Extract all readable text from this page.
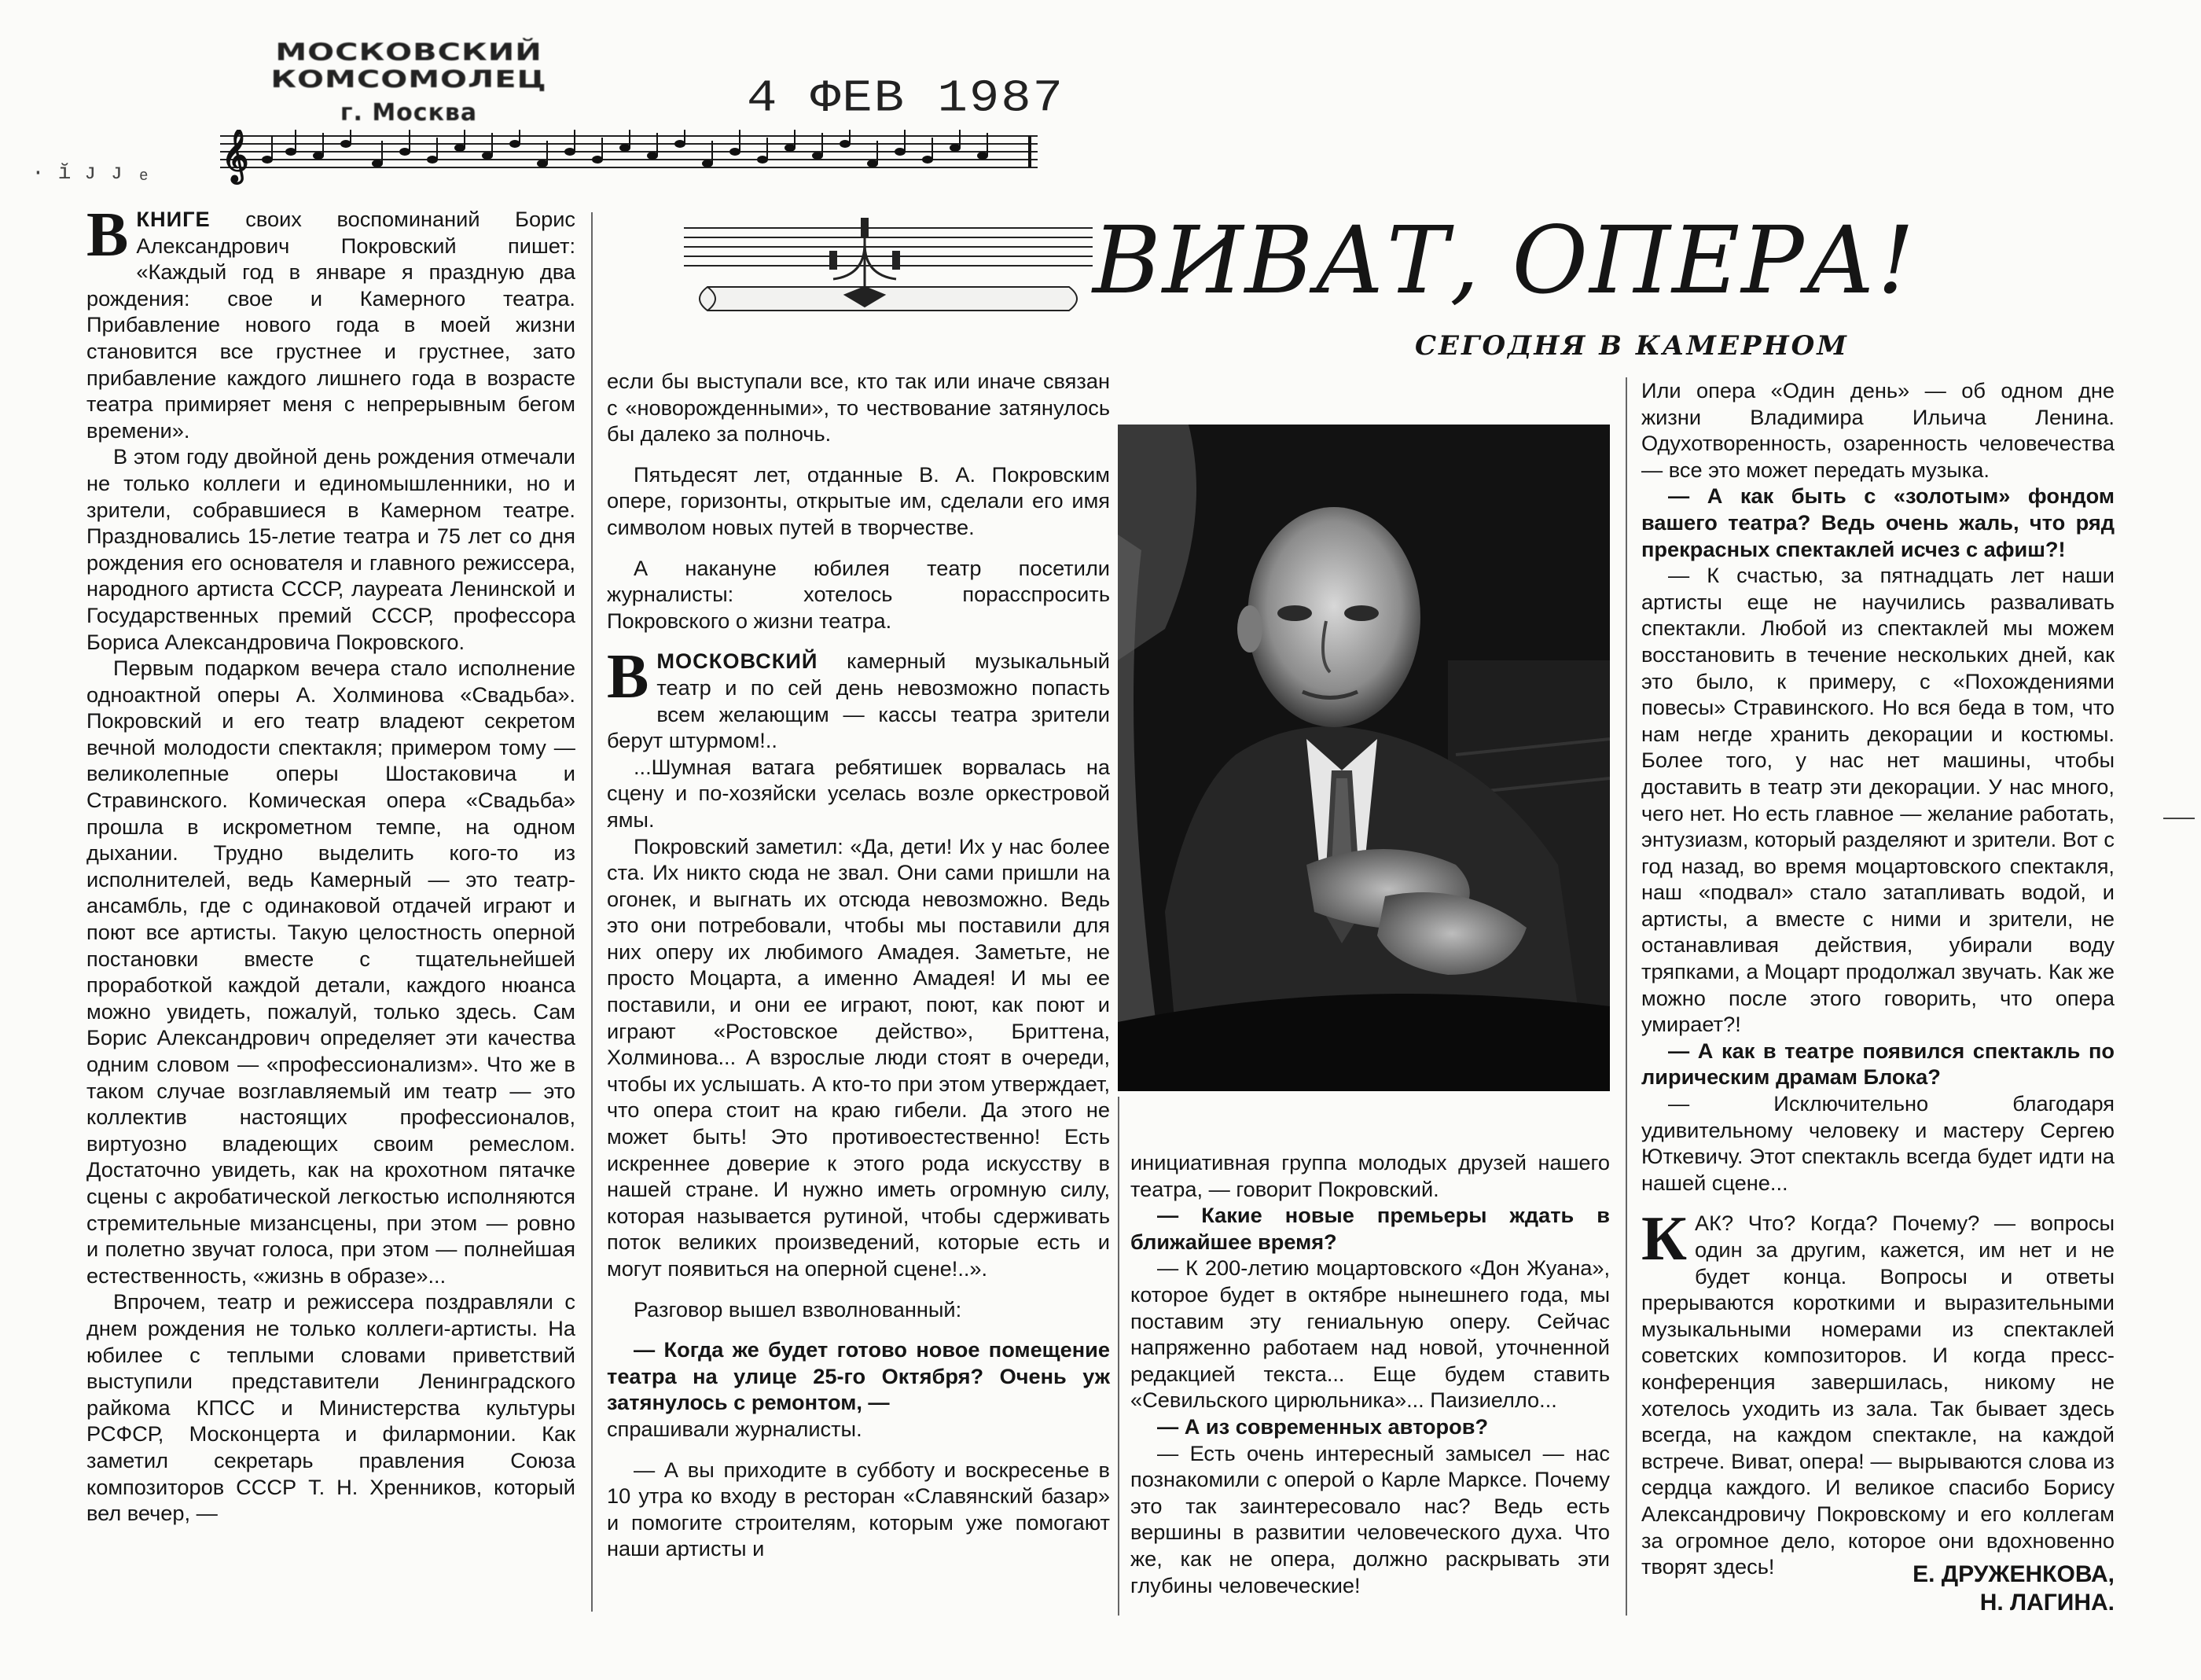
МОСКОВСКИЙ КОМСОМОЛЕЦ
г. Москва	4 ФЕВ 1987
· ĭ ᴊ ᴊ ₑ 𝄞

ВКНИГЕ своих воспоминаний Борис Александрович Покровский пишет: «Каждый год в январе я праздную два рождения: свое и Камерного театра. Прибавление нового года в моей жизни становится все грустнее и грустнее, зато прибавление каждого лишнего года в возрасте театра примиряет меня с непрерывным бегом времени».

В этом году двойной день рождения отмечали не только коллеги и единомышленники, но и зрители, собравшиеся в Камерном театре. Праздновались 15-летие театра и 75 лет со дня рождения его основателя и главного режиссера, народного артиста СССР, лауреата Ленинской и Государственных премий СССР, профессора Бориса Александровича Покровского.

Первым подарком вечера стало исполнение одноактной оперы А. Холминова «Свадьба». Покровский и его театр владеют секретом вечной молодости спектакля; примером тому — великолепные оперы Шостаковича и Стравинского. Комическая опера «Свадьба» прошла в искрометном темпе, на одном дыхании. Трудно выделить кого-то из исполнителей, ведь Камерный — это театр-ансамбль, где с одинаковой отдачей играют и поют все артисты. Такую целостность оперной постановки вместе с тщательнейшей проработкой каждой детали, каждого нюанса можно увидеть, пожалуй, только здесь. Сам Борис Александрович определяет эти качества одним словом — «профессионализм». Что же в таком случае возглавляемый им театр — это коллектив настоящих профессионалов, виртуозно владеющих своим ремеслом. Достаточно увидеть, как на крохотном пятачке сцены с акробатической легкостью исполняются стремительные мизансцены, при этом — ровно и полетно звучат голоса, при этом — полнейшая естественность, «жизнь в образе»...

Впрочем, театр и режиссера поздравляли с днем рождения не только коллеги-артисты. На юбилее с теплыми словами приветствий выступили представители Ленинградского райкома КПСС и Министерства культуры РСФСР, Москонцерта и филармонии. Как заметил секретарь правления Союза композиторов СССР Т. Н. Хренников, который вел вечер, —

если бы выступали все, кто так или иначе связан с «новорожденными», то чествование затянулось бы далеко за полночь.

Пятьдесят лет, отданные В. А. Покровским опере, горизонты, открытые им, сделали его имя символом новых путей в творчестве.

А накануне юбилея театр посетили журналисты: хотелось порасспросить Покровского о жизни театра.

ВМОСКОВСКИЙ камерный музыкальный театр и по сей день невозможно попасть всем желающим — кассы театра зрители берут штурмом!..

...Шумная ватага ребятишек ворвалась на сцену и по-хозяйски уселась возле оркестровой ямы.

Покровский заметил: «Да, дети! Их у нас более ста. Их никто сюда не звал. Они сами пришли на огонек, и выгнать их отсюда невозможно. Ведь это они потребовали, чтобы мы поставили для них оперу их любимого Амадея. Заметьте, не просто Моцарта, а именно Амадея! И мы ее поставили, и они ее играют, поют, как поют и играют «Ростовское действо», Бриттена, Холминова... А взрослые люди стоят в очереди, чтобы их услышать. А кто-то при этом утверждает, что опера стоит на краю гибели. Да этого не может быть! Это противоестественно! Есть искреннее доверие к этого рода искусству в нашей стране. И нужно иметь огромную силу, которая называется рутиной, чтобы сдерживать поток великих произведений, которые есть и могут появиться на оперной сцене!..».

Разговор вышел взволнованный:

— Когда же будет готово новое помещение театра на улице 25-го Октября? Очень уж затянулось с ремонтом, —

спрашивали журналисты.

— А вы приходите в субботу и воскресенье в 10 утра ко входу в ресторан «Славянский базар» и помогите строителям, которым уже помогают наши артисты и

ВИВАТ, ОПЕРА!
СЕГОДНЯ В КАМЕРНОМ

инициативная группа молодых друзей нашего театра, — говорит Покровский.

— Какие новые премьеры ждать в ближайшее время?

— К 200-летию моцартовского «Дон Жуана», которое будет в октябре нынешнего года, мы поставим эту гениальную оперу. Сейчас напряженно работаем над новой, уточненной редакцией текста... Еще будем ставить «Севильского цирюльника»... Паизиелло...

— А из современных авторов?

— Есть очень интересный замысел — нас познакомили с оперой о Карле Марксе. Почему это так заинтересовало нас? Ведь есть вершины в развитии человеческого духа. Что же, как не опера, должно раскрывать эти глубины человеческие!

Или опера «Один день» — об одном дне жизни Владимира Ильича Ленина. Одухотворенность, озаренность человечества — все это может передать музыка.

— А как быть с «золотым» фондом вашего театра? Ведь очень жаль, что ряд прекрасных спектаклей исчез с афиш?!

— К счастью, за пятнадцать лет наши артисты еще не научились разваливать спектакли. Любой из спектаклей мы можем восстановить в течение нескольких дней, как это было, к примеру, с «Похождениями повесы» Стравинского. Но вся беда в том, что нам негде хранить декорации и костюмы. Более того, у нас нет машины, чтобы доставить в театр эти декорации. У нас много, чего нет. Но есть главное — желание работать, энтузиазм, который разделяют и зрители. Вот с год назад, во время моцартовского спектакля, наш «подвал» стало затапливать водой, и артисты, а вместе с ними и зрители, не останавливая действия, убирали воду тряпками, а Моцарт продолжал звучать. Как же можно после этого говорить, что опера умирает?!

— А как в театре появился спектакль по лирическим драмам Блока?

— Исключительно благодаря удивительному человеку и мастеру Сергею Юткевичу. Этот спектакль всегда будет идти на нашей сцене...

КАК? Что? Когда? Почему? — вопросы один за другим, кажется, им нет и не будет конца. Вопросы и ответы прерываются короткими и выразительными музыкальными номерами из спектаклей советских композиторов. И когда пресс-конференция завершилась, никому не хотелось уходить из зала. Так бывает здесь всегда, на каждом спектакле, на каждой встрече. Виват, опера! — вырываются слова из сердца каждого. И великое спасибо Борису Александровичу Покровскому и его коллегам за огромное дело, которое они вдохновенно творят здесь!	Е. ДРУЖЕНКОВА,
Н. ЛАГИНА.
